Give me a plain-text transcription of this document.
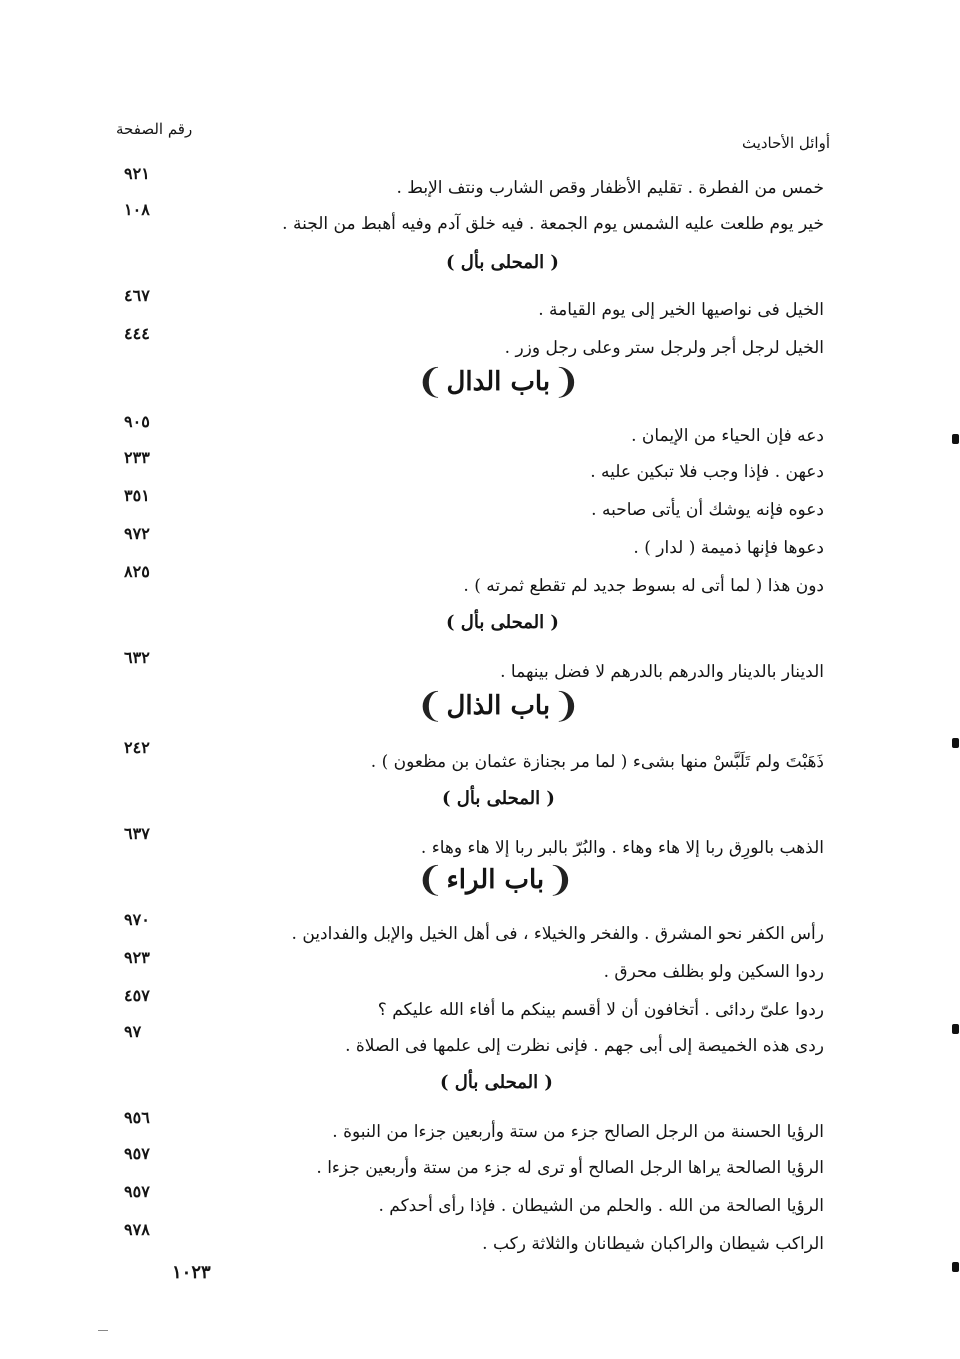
رقم الصفحة
أوائل الأحاديث
خمس من الفطرة . تقليم الأظفار وقص الشارب ونتف الإبط .
٩٢١
خير يوم طلعت عليه الشمس يوم الجمعة . فيه خلق آدم وفيه أهبط من الجنة .
١٠٨
( المحلى بأل )
الخيل فى نواصيها الخير إلى يوم القيامة .
٤٦٧
الخيل لرجل أجر ولرجل ستر وعلى رجل وزر .
٤٤٤
❨
باب الدال
❩
دعه فإن الحياء من الإيمان .
٩٠٥
دعهن . فإذا وجب فلا تبكين عليه .
٢٣٣
دعوه فإنه يوشك أن يأتى صاحبه .
٣٥١
دعوها فإنها ذميمة ( لدار ) .
٩٧٢
دون هذا ( لما أتى له بسوط جديد لم تقطع ثمرته ) .
٨٢٥
( المحلى بأل )
الدينار بالدينار والدرهم بالدرهم لا فضل بينهما .
٦٣٢
❨
باب الذال
❩
ذَهَبْتَ ولم تَلَبَّسْ منها بشىء ( لما مر بجنازة عثمان بن مظعون ) .
٢٤٢
( المحلى بأل )
الذهب بالورِق ربا إلا هاء وهاء . والبُرّ بالبر ربا إلا هاء وهاء .
٦٣٧
❨
باب الراء
❩
رأس الكفر نحو المشرق . والفخر والخيلاء ، فى أهل الخيل والإبل والفدادين .
٩٧٠
ردوا السكين ولو بظلف محرق .
٩٢٣
ردوا علىّ ردائى . أتخافون أن لا أقسم بينكم ما أفاء الله عليكم ؟
٤٥٧
ردى هذه الخميصة إلى أبى جهم . فإنى نظرت إلى علمها فى الصلاة .
٩٧
( المحلى بأل )
الرؤيا الحسنة من الرجل الصالح جزء من ستة وأربعين جزءا من النبوة .
٩٥٦
الرؤيا الصالحة يراها الرجل الصالح أو ترى له جزء من ستة وأربعين جزءا .
٩٥٧
الرؤيا الصالحة من الله . والحلم من الشيطان . فإذا رأى أحدكم .
٩٥٧
الراكب شيطان والراكبان شيطانان والثلاثة ركب .
٩٧٨
١٠٢٣
